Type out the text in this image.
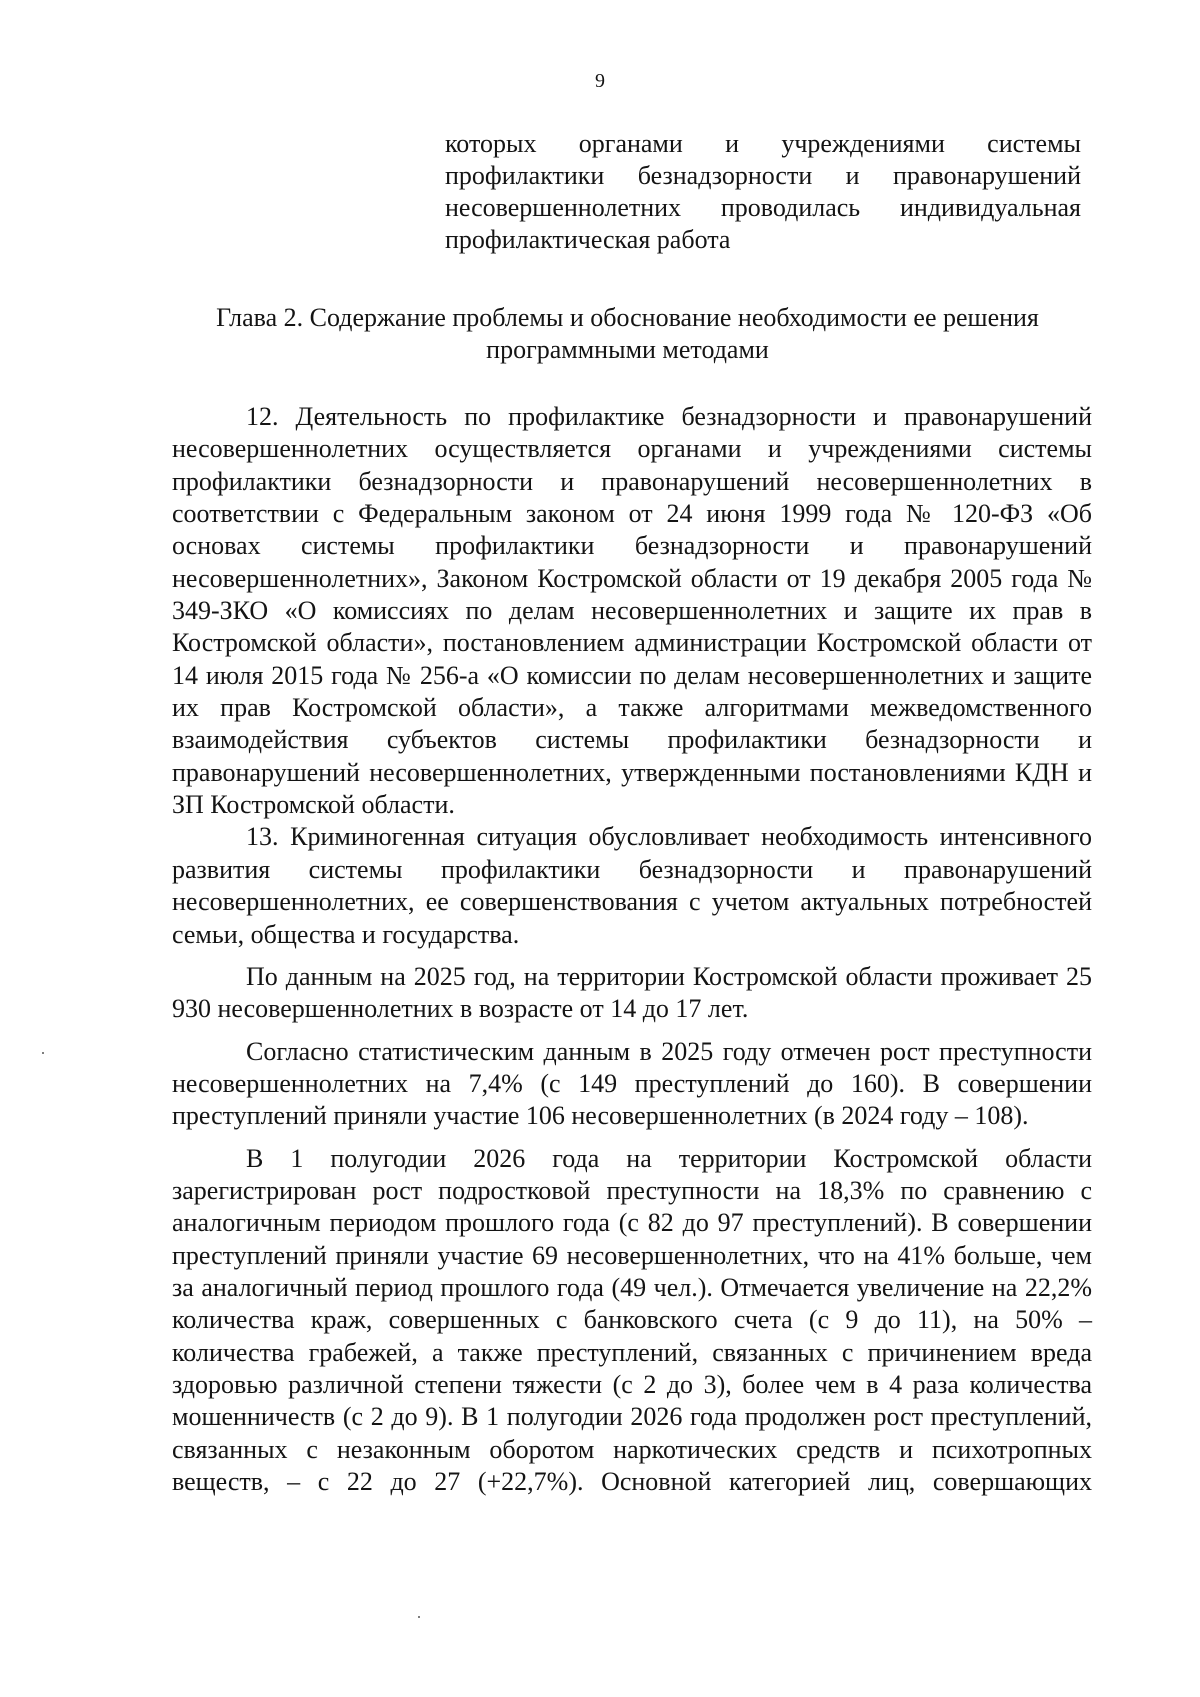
9
которых органами и учреждениями системы профилактики безнадзорности и правонарушений несовершеннолетних проводилась индивидуальная профилактическая работа
Глава 2. Содержание проблемы и обоснование необходимости ее решения программными методами

12. Деятельность по профилактике безнадзорности и правонарушений несовершеннолетних осуществляется органами и учреждениями системы профилактики безнадзорности и правонарушений несовершеннолетних в соответствии с Федеральным законом от 24 июня 1999 года № 120-ФЗ «Об основах системы профилактики безнадзорности и правонарушений несовершеннолетних», Законом Костромской области от 19 декабря 2005 года № 349-ЗКО «О комиссиях по делам несовершеннолетних и защите их прав в Костромской области», постановлением администрации Костромской области от 14 июля 2015 года № 256-а «О комиссии по делам несовершеннолетних и защите их прав Костромской области», а также алгоритмами межведомственного взаимодействия субъектов системы профилактики безнадзорности и правонарушений несовершеннолетних, утвержденными постановлениями КДН и ЗП Костромской области.

13. Криминогенная ситуация обусловливает необходимость интенсивного развития системы профилактики безнадзорности и правонарушений несовершеннолетних, ее совершенствования с учетом актуальных потребностей семьи, общества и государства.

По данным на 2025 год, на территории Костромской области проживает 25 930 несовершеннолетних в возрасте от 14 до 17 лет.

Согласно статистическим данным в 2025 году отмечен рост преступности несовершеннолетних на 7,4% (с 149 преступлений до 160). В совершении преступлений приняли участие 106 несовершеннолетних (в 2024 году – 108).

В 1 полугодии 2026 года на территории Костромской области зарегистрирован рост подростковой преступности на 18,3% по сравнению с аналогичным периодом прошлого года (с 82 до 97 преступлений). В совершении преступлений приняли участие 69 несовершеннолетних, что на 41% больше, чем за аналогичный период прошлого года (49 чел.). Отмечается увеличение на 22,2% количества краж, совершенных с банковского счета (с 9 до 11), на 50% – количества грабежей, а также преступлений, связанных с причинением вреда здоровью различной степени тяжести (с 2 до 3), более чем в 4 раза количества мошенничеств (с 2 до 9). В 1 полугодии 2026 года продолжен рост преступлений, связанных с незаконным оборотом наркотических средств и психотропных веществ, – с 22 до 27 (+22,7%). Основной категорией лиц, совершающих
